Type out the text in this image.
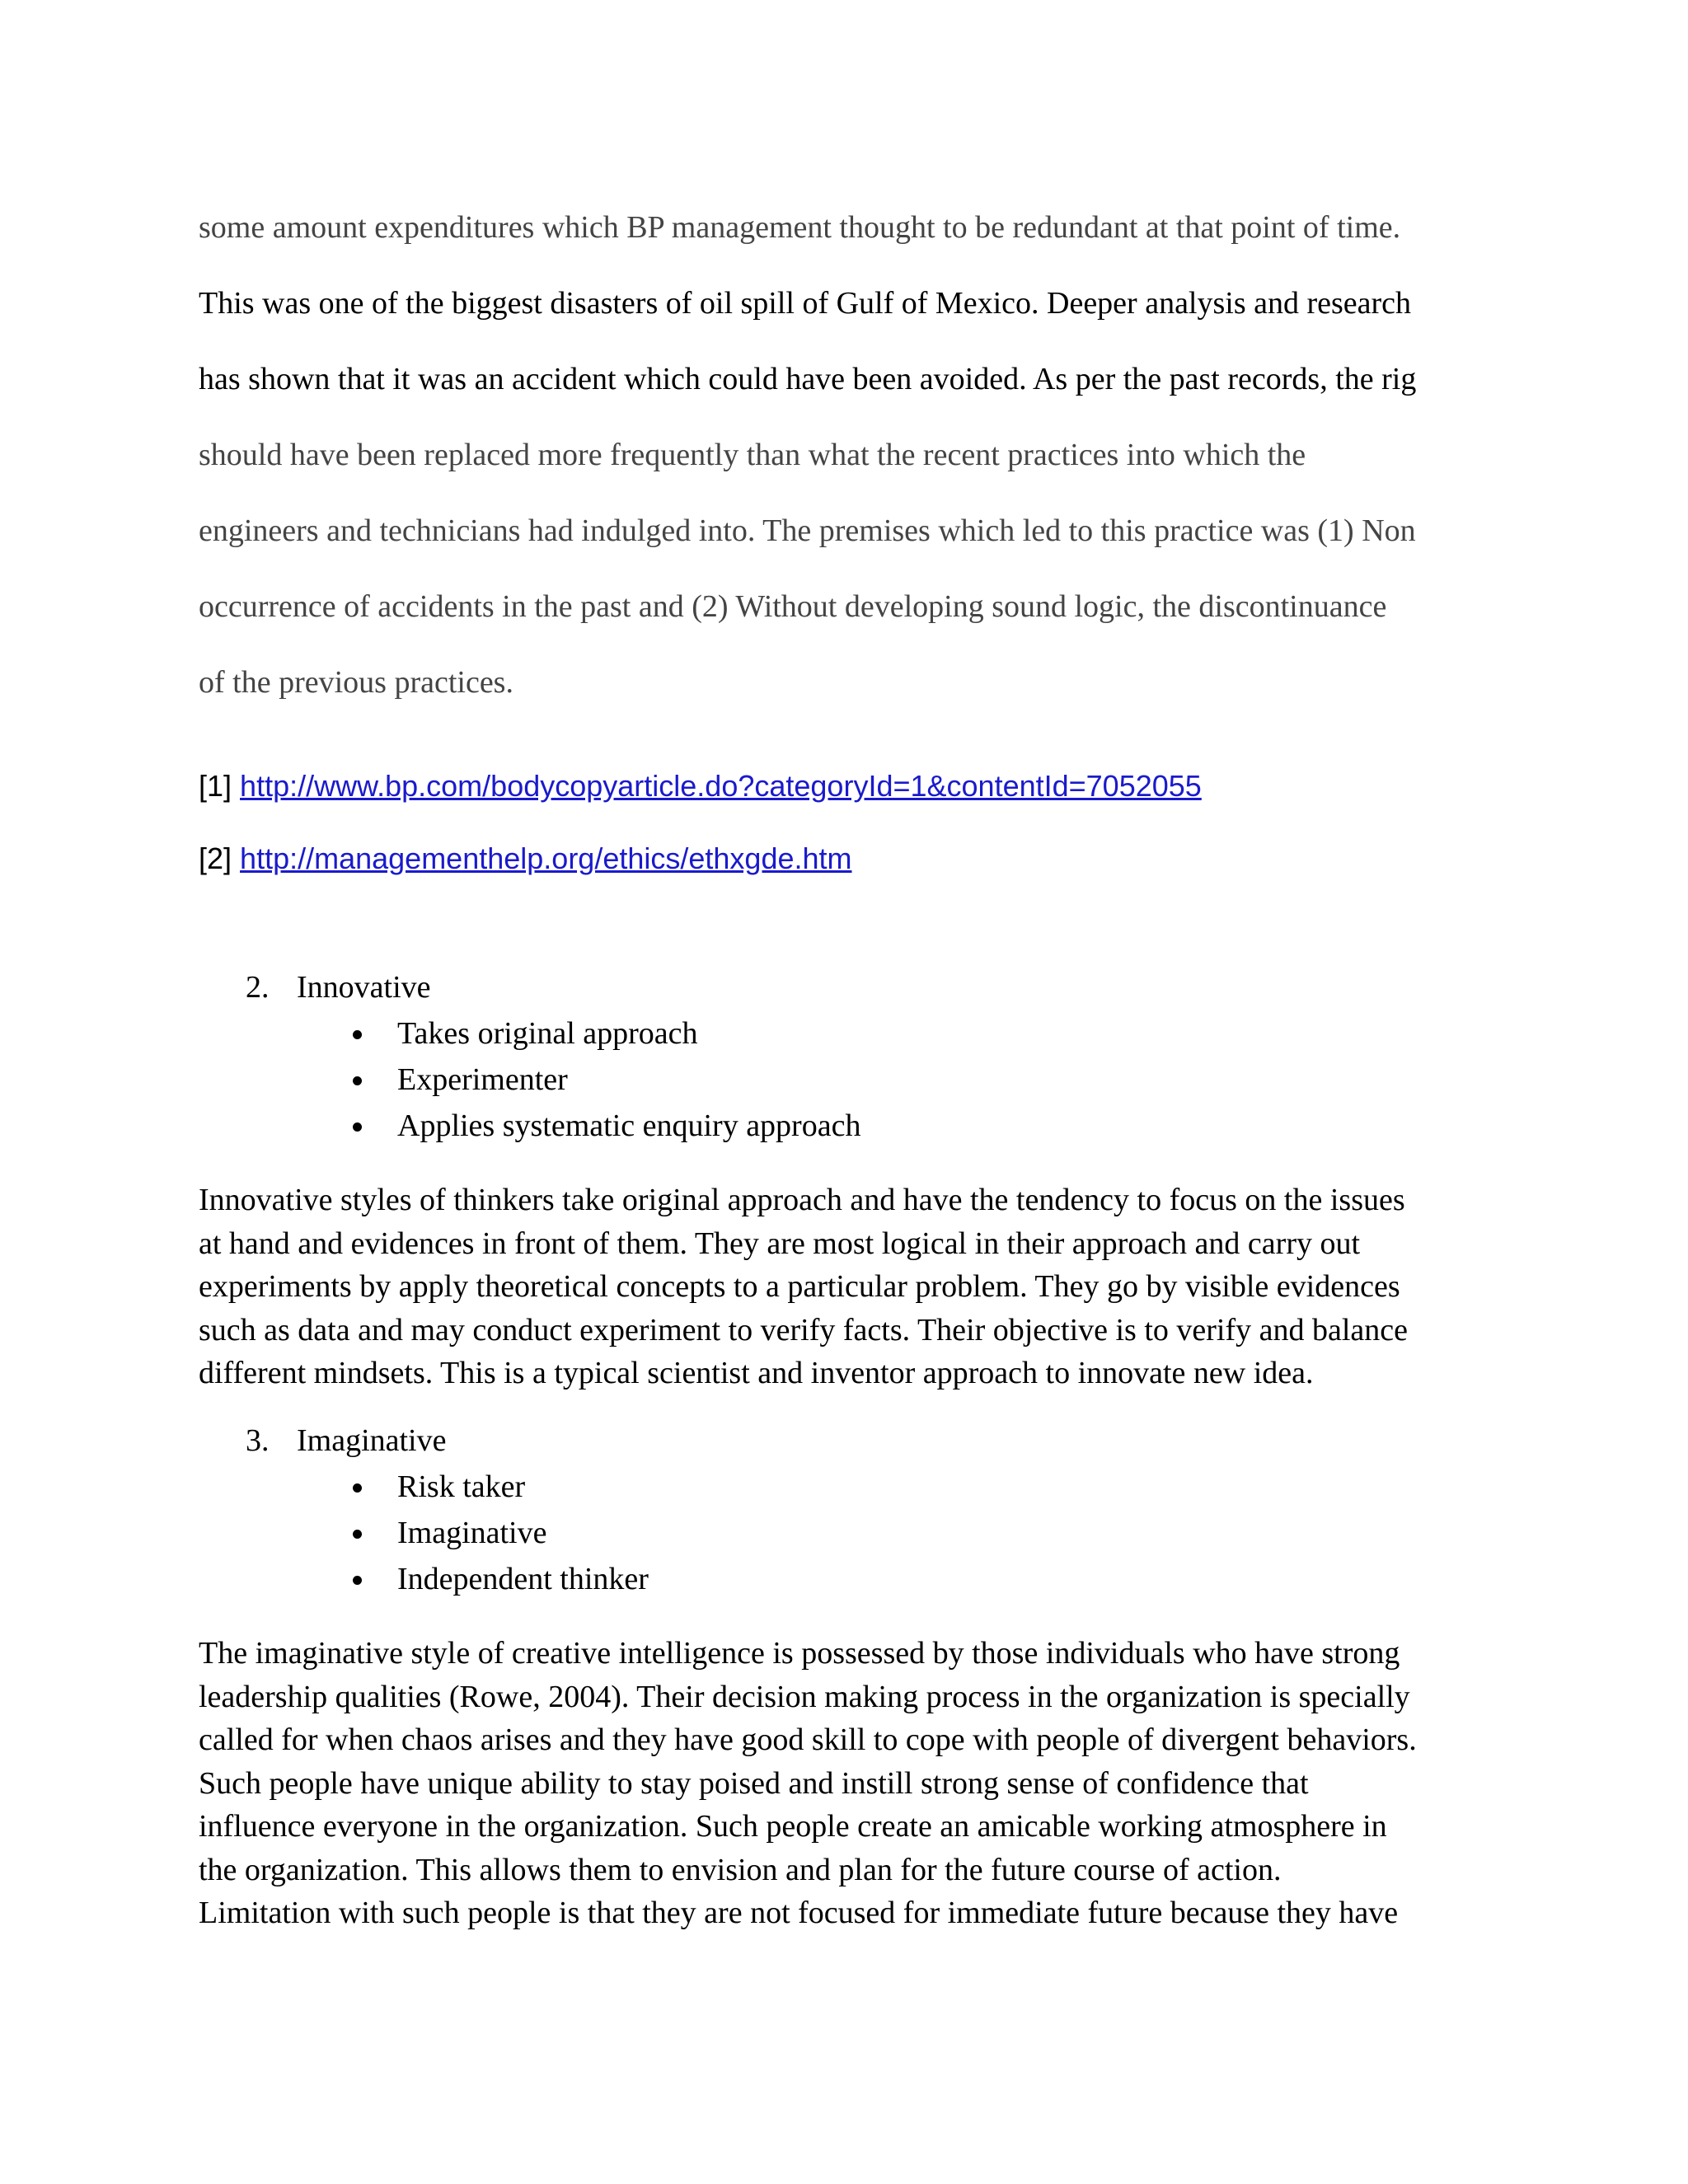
some amount expenditures which BP management thought to be redundant at that point of time.
This was one of the biggest disasters of oil spill of Gulf of Mexico. Deeper analysis and research
has shown that it was an accident which could have been avoided. As per the past records, the rig
should have been replaced more frequently than what the recent practices into which the
engineers and technicians had indulged into. The premises which led to this practice was (1) Non
occurrence of accidents in the past and (2) Without developing sound logic, the discontinuance
of the previous practices.
[1] http://www.bp.com/bodycopyarticle.do?categoryId=1&contentId=7052055
[2] http://managementhelp.org/ethics/ethxgde.htm
2. Innovative
Takes original approach
Experimenter
Applies systematic enquiry approach
Innovative styles of thinkers take original approach and have the tendency to focus on the issues
at hand and evidences in front of them. They are most logical in their approach and carry out
experiments by apply theoretical concepts to a particular problem. They go by visible evidences
such as data and may conduct experiment to verify facts. Their objective is to verify and balance
different mindsets. This is a typical scientist and inventor approach to innovate new idea.
3. Imaginative
Risk taker
Imaginative
Independent thinker
The imaginative style of creative intelligence is possessed by those individuals who have strong
leadership qualities (Rowe, 2004). Their decision making process in the organization is specially
called for when chaos arises and they have good skill to cope with people of divergent behaviors.
Such people have unique ability to stay poised and instill strong sense of confidence that
influence everyone in the organization. Such people create an amicable working atmosphere in
the organization. This allows them to envision and plan for the future course of action.
Limitation with such people is that they are not focused for immediate future because they have
